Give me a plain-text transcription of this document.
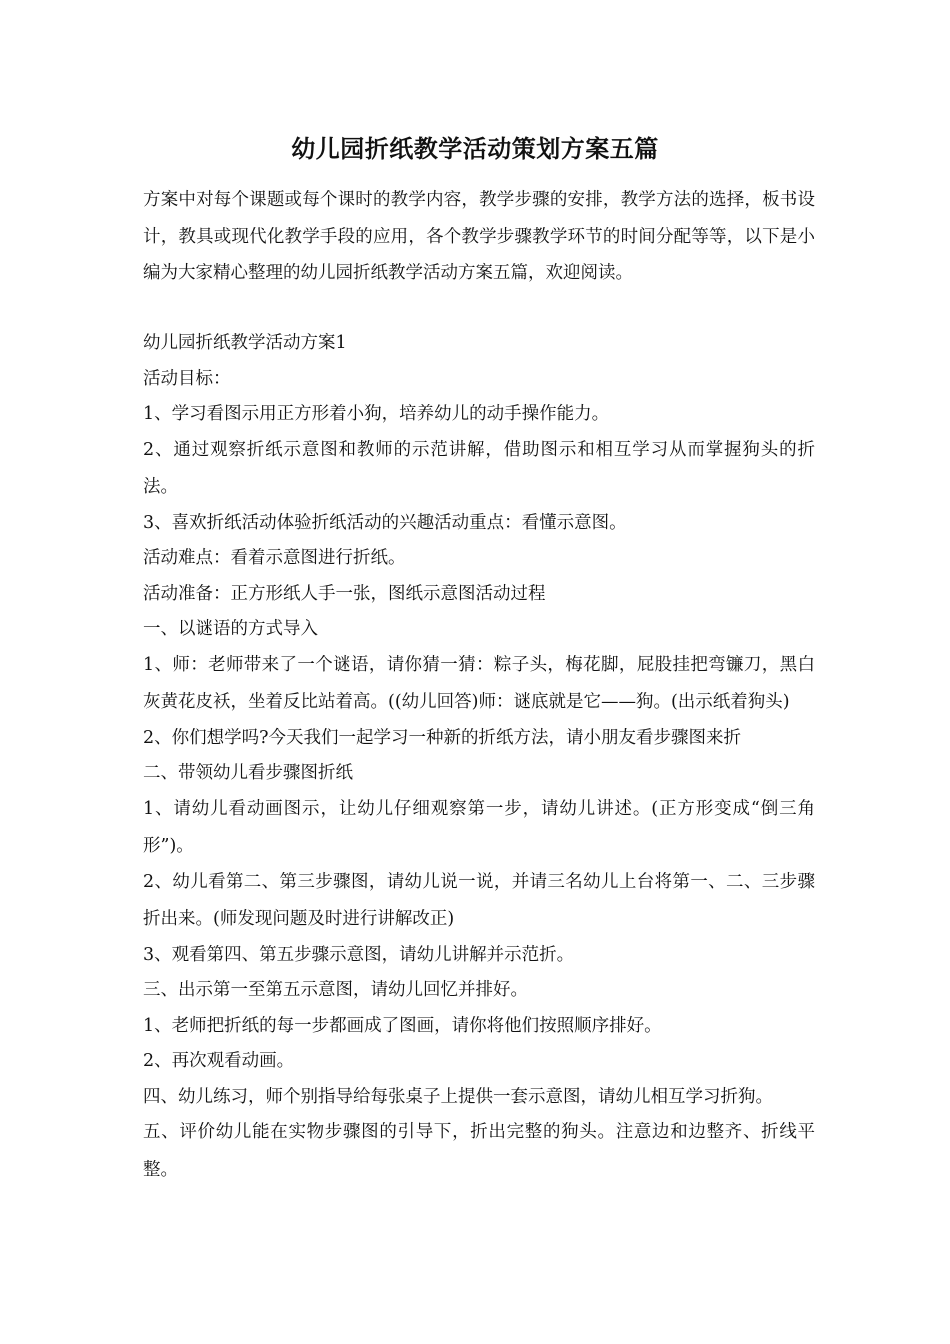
幼儿园折纸教学活动策划方案五篇
方案中对每个课题或每个课时的教学内容，教学步骤的安排，教学方法的选择，板书设计，教具或现代化教学手段的应用，各个教学步骤教学环节的时间分配等等，以下是小编为大家精心整理的幼儿园折纸教学活动方案五篇，欢迎阅读。

幼儿园折纸教学活动方案1

活动目标：

1、学习看图示用正方形着小狗，培养幼儿的动手操作能力。

2、通过观察折纸示意图和教师的示范讲解，借助图示和相互学习从而掌握狗头的折法。

3、喜欢折纸活动体验折纸活动的兴趣活动重点：看懂示意图。

活动难点：看着示意图进行折纸。

活动准备：正方形纸人手一张，图纸示意图活动过程

一、以谜语的方式导入

1、师：老师带来了一个谜语，请你猜一猜：粽子头，梅花脚，屁股挂把弯镰刀，黑白灰黄花皮袄，坐着反比站着高。((幼儿回答)师：谜底就是它——狗。(出示纸着狗头)

2、你们想学吗?今天我们一起学习一种新的折纸方法，请小朋友看步骤图来折

二、带领幼儿看步骤图折纸

1、请幼儿看动画图示，让幼儿仔细观察第一步，请幼儿讲述。(正方形变成“倒三角形”)。

2、幼儿看第二、第三步骤图，请幼儿说一说，并请三名幼儿上台将第一、二、三步骤折出来。(师发现问题及时进行讲解改正)

3、观看第四、第五步骤示意图，请幼儿讲解并示范折。

三、出示第一至第五示意图，请幼儿回忆并排好。

1、老师把折纸的每一步都画成了图画，请你将他们按照顺序排好。

2、再次观看动画。

四、幼儿练习，师个别指导给每张桌子上提供一套示意图，请幼儿相互学习折狗。

五、评价幼儿能在实物步骤图的引导下，折出完整的狗头。注意边和边整齐、折线平整。
